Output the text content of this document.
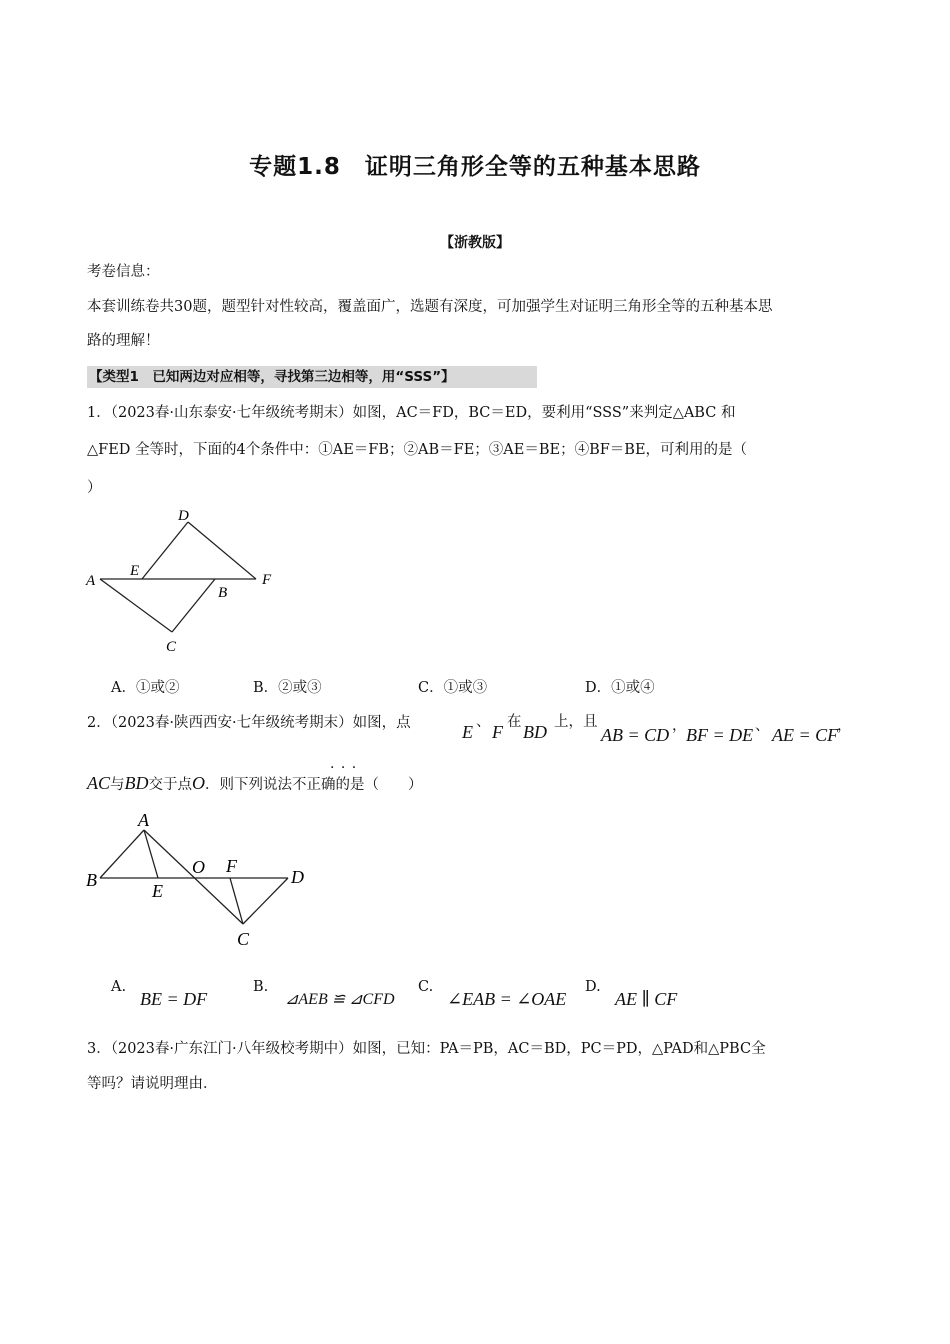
专题1.8　证明三角形全等的五种基本思路
【浙教版】
考卷信息：
本套训练卷共30题，题型针对性较高，覆盖面广，选题有深度，可加强学生对证明三角形全等的五种基本思
路的理解！
【类型1　已知两边对应相等，寻找第三边相等，用“SSS”】
1．（2023春·山东泰安·七年级统考期末）如图，AC＝FD，BC＝ED，要利用“SSS”来判定△ABC 和
△FED 全等时，下面的4个条件中：①AE＝FB；②AB＝FE；③AE＝BE；④BF＝BE，可利用的是（
）
D
E
A
B
F
C
A．①或②	B．②或③	C．①或③	D．①或④
2．（2023春·陕西西安·七年级统考期末）如图，点	E 、 F 在 BD 上，且
AB = CD ， BF = DE 、 AE = CF
，
· · ·
AC与BD交于点O．则下列说法不正确的是（　　）
A
B
E
O F
D
C
A.
BE = DF
B.
⊿AEB ≌ ⊿CFD
C.
∠EAB = ∠OAE
D.
AE ∥ CF
3．（2023春·广东江门·八年级校考期中）如图，已知：PA＝PB，AC＝BD，PC＝PD，△PAD和△PBC全
等吗？请说明理由．
